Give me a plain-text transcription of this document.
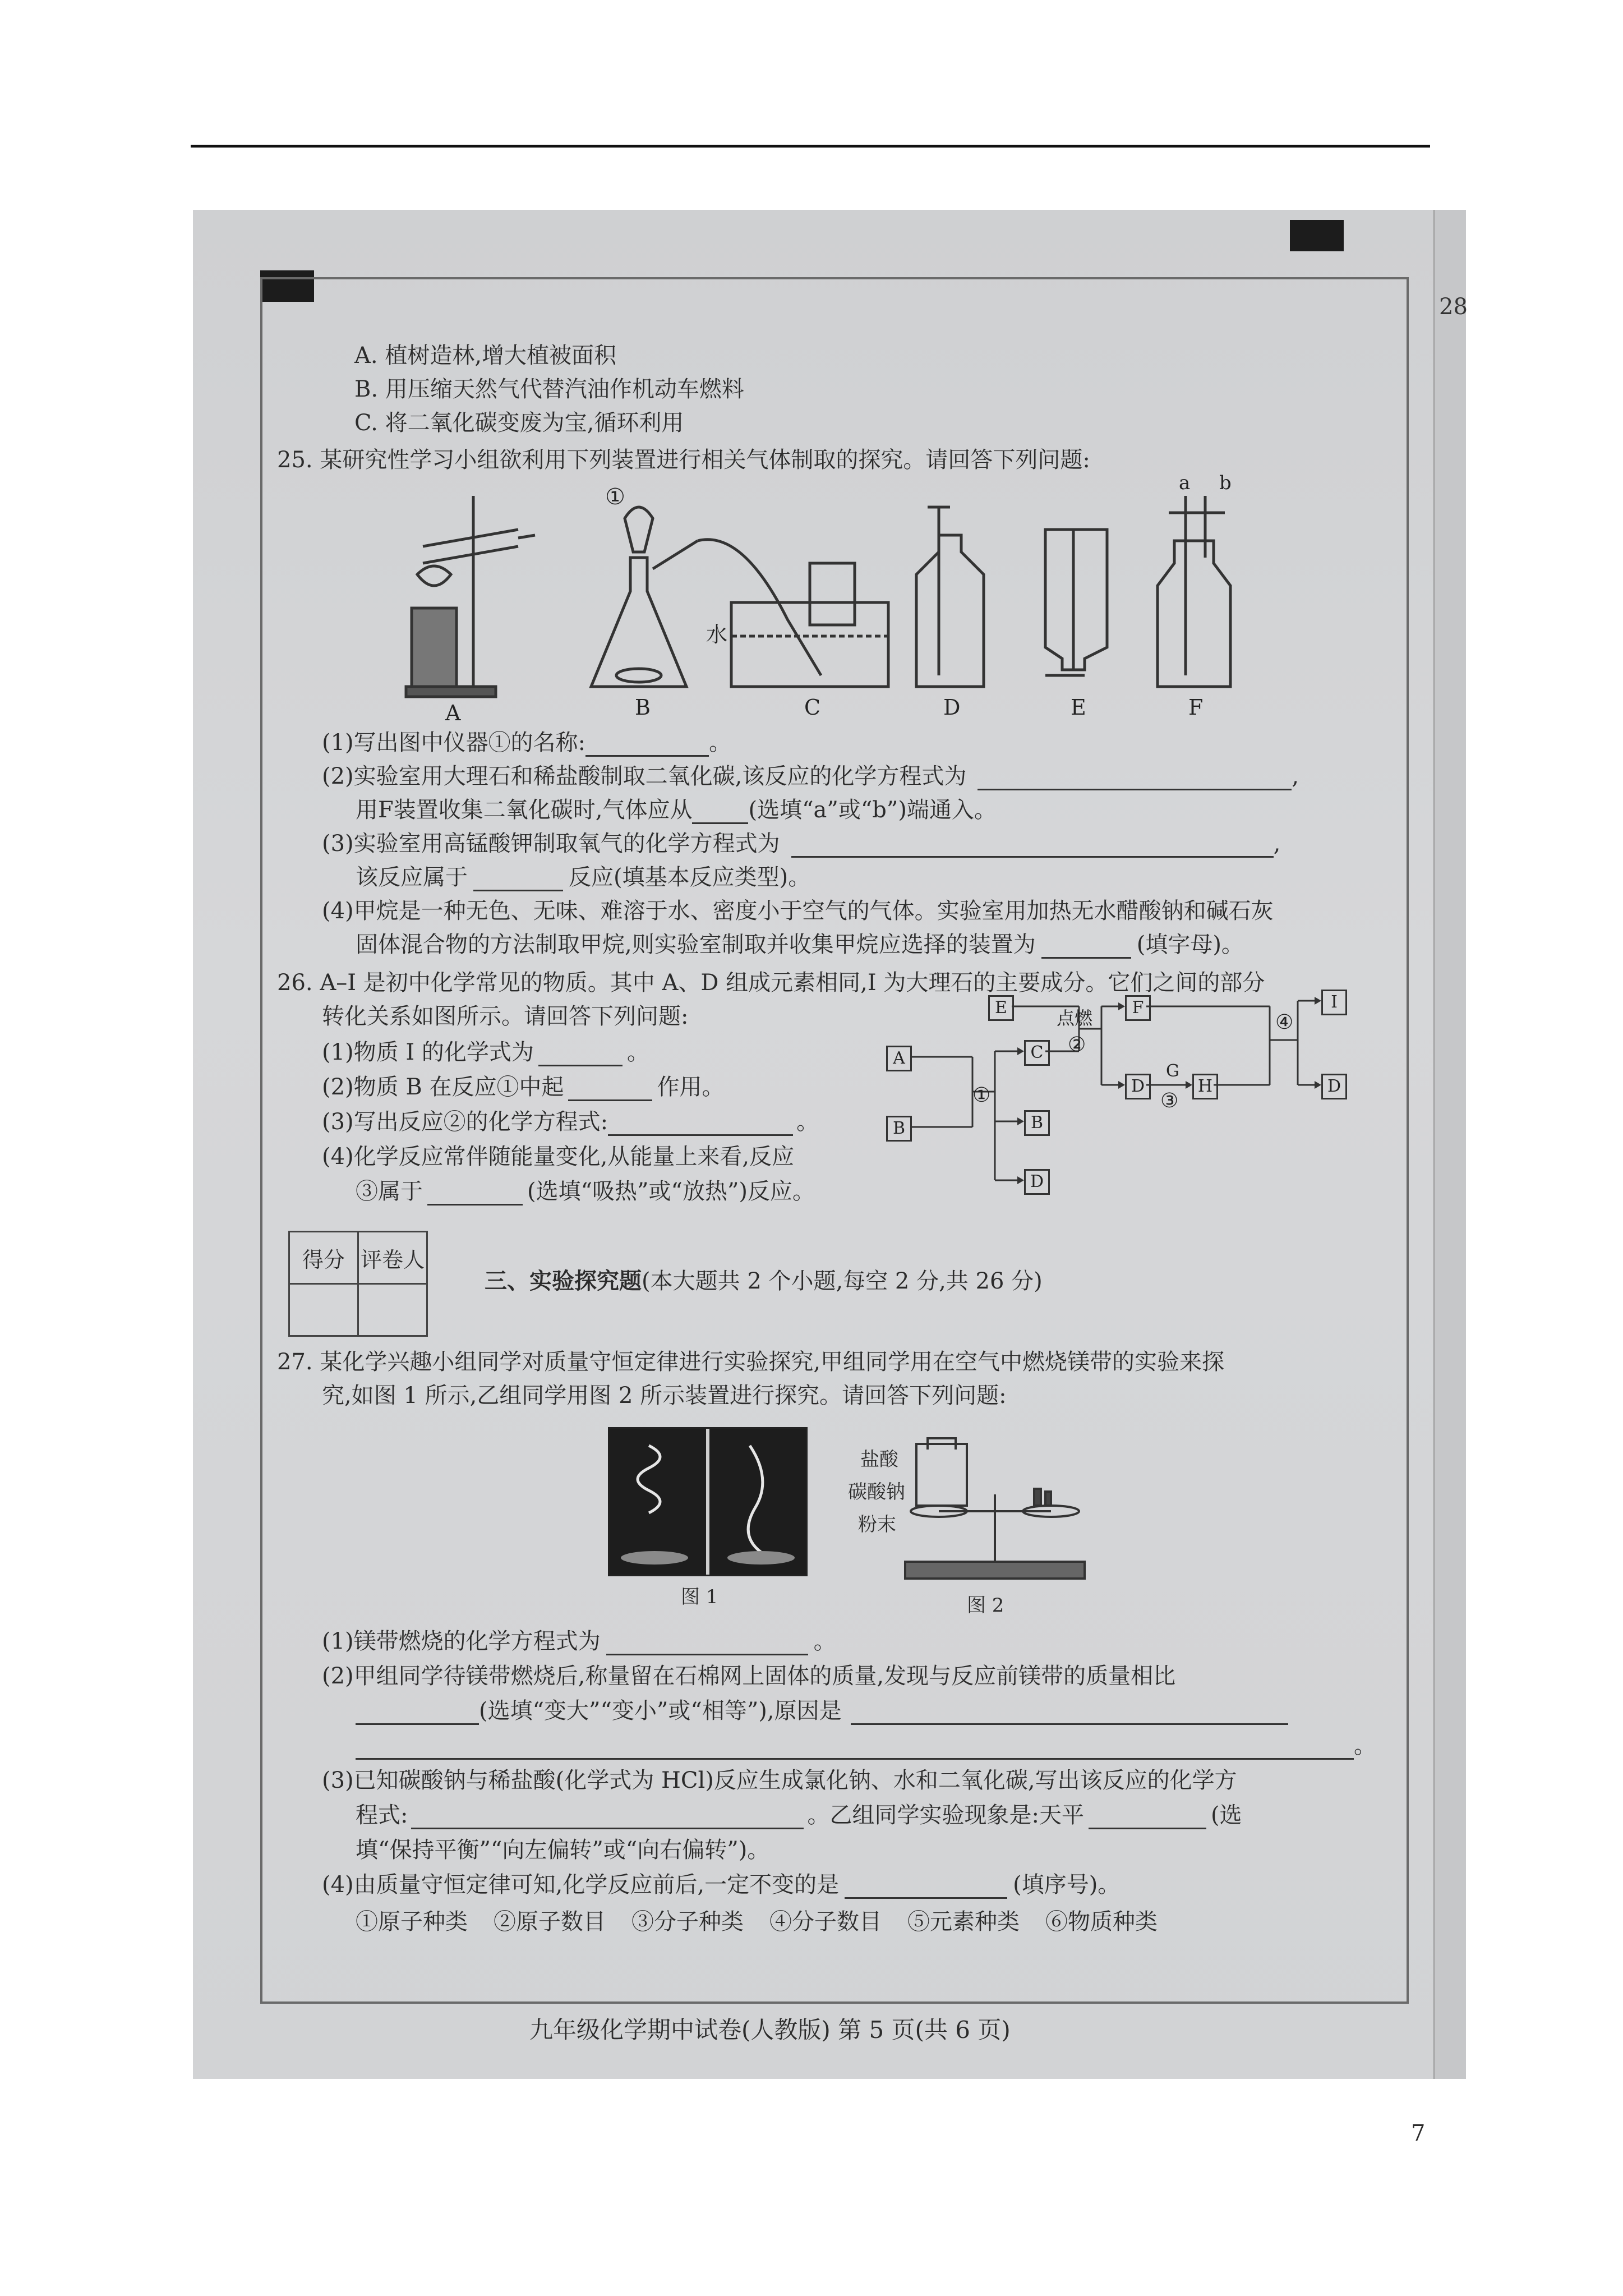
28
A. 植树造林,增大植被面积
B. 用压缩天然气代替汽油作机动车燃料
C. 将二氧化碳变废为宝,循环利用
25. 某研究性学习小组欲利用下列装置进行相关气体制取的探究。请回答下列问题:
①
水
a b
A	B	C	D	E	F
(1)写出图中仪器①的名称:	。
(2)实验室用大理石和稀盐酸制取二氧化碳,该反应的化学方程式为	,
用F装置收集二氧化碳时,气体应从	(选填“a”或“b”)端通入。
(3)实验室用高锰酸钾制取氧气的化学方程式为	,
该反应属于	反应(填基本反应类型)。
(4)甲烷是一种无色、无味、难溶于水、密度小于空气的气体。实验室用加热无水醋酸钠和碱石灰
固体混合物的方法制取甲烷,则实验室制取并收集甲烷应选择的装置为	(填字母)。
26. A–I 是初中化学常见的物质。其中 A、D 组成元素相同,I 为大理石的主要成分。它们之间的部分
转化关系如图所示。请回答下列问题:
(1)物质 I 的化学式为	。
(2)物质 B 在反应①中起	作用。
(3)写出反应②的化学方程式:	。
(4)化学反应常伴随能量变化,从能量上来看,反应
③属于	(选填“吸热”或“放热”)反应。
①
点燃
②
G
③
④
E	F	I
A	C
D	H
B	B
D
D
得分	评卷人

三、实验探究题(本大题共 2 个小题,每空 2 分,共 26 分)
27. 某化学兴趣小组同学对质量守恒定律进行实验探究,甲组同学用在空气中燃烧镁带的实验来探
究,如图 1 所示,乙组同学用图 2 所示装置进行探究。请回答下列问题:
图 1
盐酸
碳酸钠
粉末
图 2
(1)镁带燃烧的化学方程式为	。
(2)甲组同学待镁带燃烧后,称量留在石棉网上固体的质量,发现与反应前镁带的质量相比
(选填“变大”“变小”或“相等”),原因是
。
(3)已知碳酸钠与稀盐酸(化学式为 HCl)反应生成氯化钠、水和二氧化碳,写出该反应的化学方
程式:	。乙组同学实验现象是:天平	(选
填“保持平衡”“向左偏转”或“向右偏转”)。
(4)由质量守恒定律可知,化学反应前后,一定不变的是	(填序号)。
①原子种类 ②原子数目 ③分子种类 ④分子数目 ⑤元素种类 ⑥物质种类
九年级化学期中试卷(人教版) 第 5 页(共 6 页)
7
